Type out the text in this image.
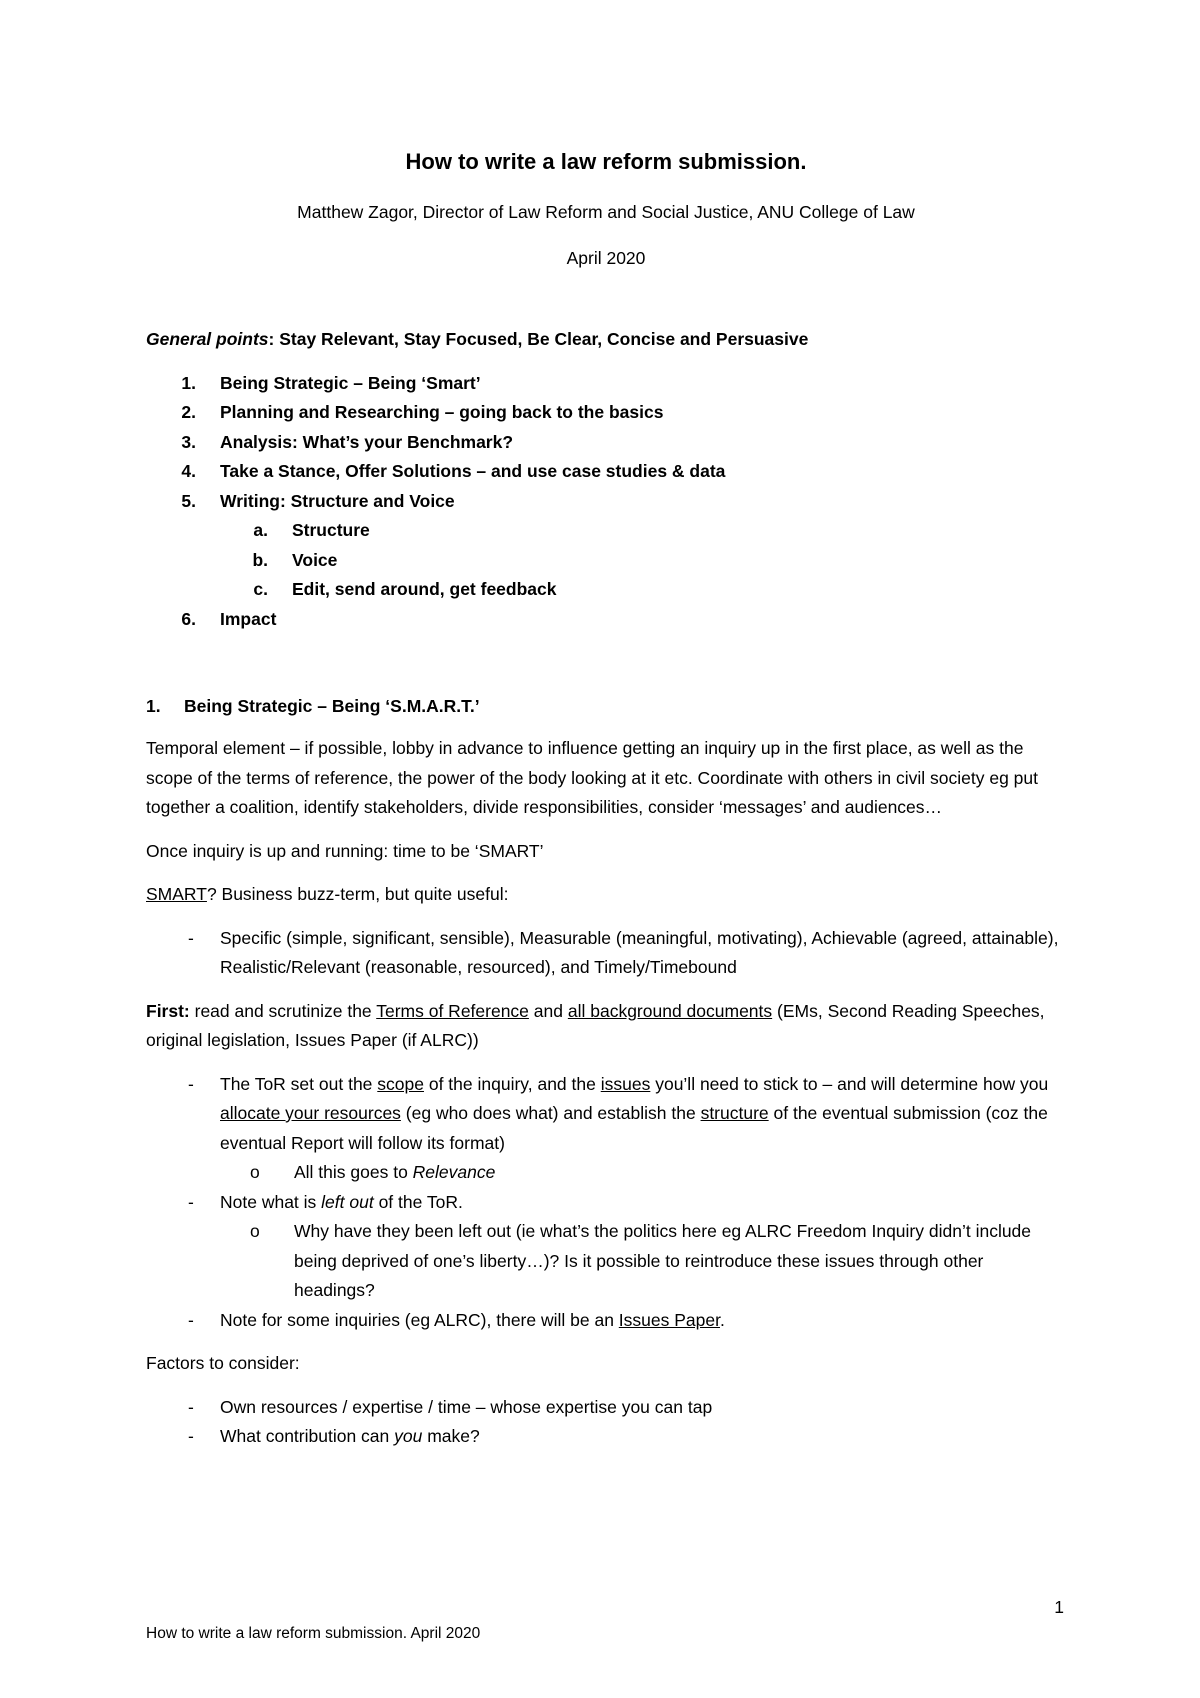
How to write a law reform submission.

Matthew Zagor, Director of Law Reform and Social Justice, ANU College of Law

April 2020

General points: Stay Relevant, Stay Focused, Be Clear, Concise and Persuasive

1. Being Strategic – Being ‘Smart’
2. Planning and Researching – going back to the basics
3. Analysis: What’s your Benchmark?
4. Take a Stance, Offer Solutions – and use case studies & data
5. Writing: Structure and Voice
a. Structure
b. Voice
c. Edit, send around, get feedback
6. Impact
1. Being Strategic – Being ‘S.M.A.R.T.’

Temporal element – if possible, lobby in advance to influence getting an inquiry up in the first place, as well as the scope of the terms of reference, the power of the body looking at it etc. Coordinate with others in civil society eg put together a coalition, identify stakeholders, divide responsibilities, consider ‘messages’ and audiences…

Once inquiry is up and running: time to be ‘SMART’

SMART? Business buzz-term, but quite useful:

- Specific (simple, significant, sensible), Measurable (meaningful, motivating), Achievable (agreed, attainable), Realistic/Relevant (reasonable, resourced), and Timely/Timebound

First: read and scrutinize the Terms of Reference and all background documents (EMs, Second Reading Speeches, original legislation, Issues Paper (if ALRC))

- The ToR set out the scope of the inquiry, and the issues you’ll need to stick to – and will determine how you allocate your resources (eg who does what) and establish the structure of the eventual submission (coz the eventual Report will follow its format)
o All this goes to Relevance
- Note what is left out of the ToR.
o Why have they been left out (ie what’s the politics here eg ALRC Freedom Inquiry didn’t include being deprived of one’s liberty…)? Is it possible to reintroduce these issues through other headings?
- Note for some inquiries (eg ALRC), there will be an Issues Paper.

Factors to consider:

- Own resources / expertise / time – whose expertise you can tap
- What contribution can you make?
1
How to write a law reform submission. April 2020
